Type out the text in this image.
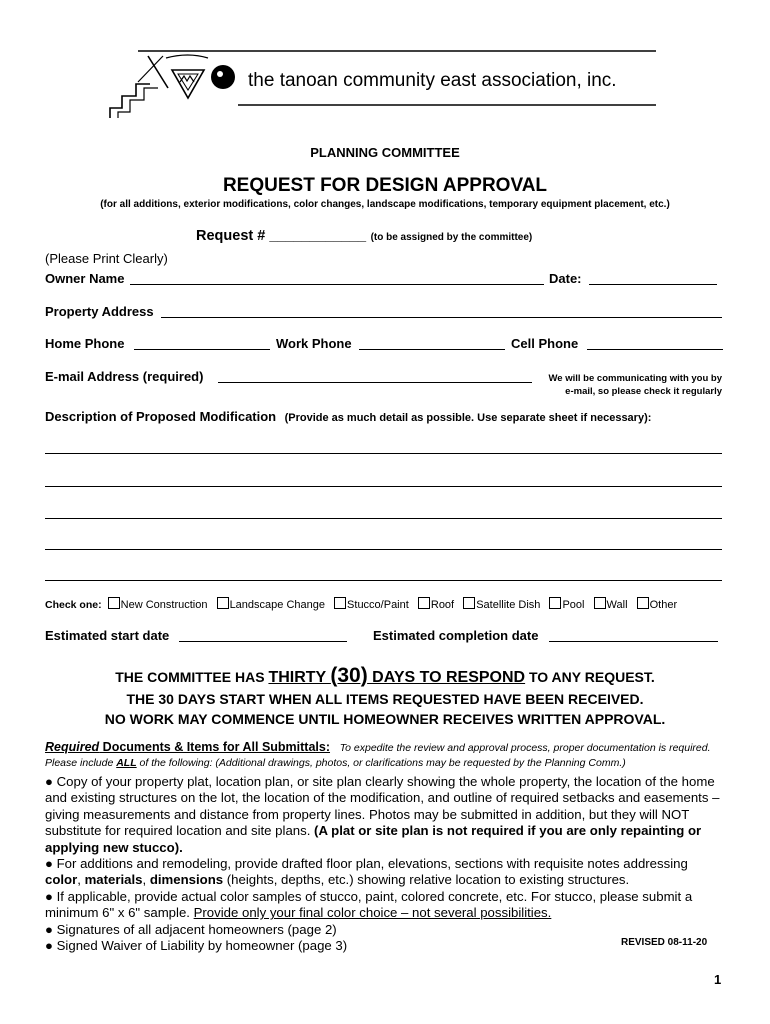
the tanoan community east association, inc.
PLANNING COMMITTEE
REQUEST FOR DESIGN APPROVAL
(for all additions, exterior modifications, color changes, landscape modifications, temporary equipment placement, etc.)
Request # ____________ (to be assigned by the committee)
(Please Print Clearly)
Owner Name	Date:
Property Address
Home Phone	Work Phone	Cell Phone
E-mail Address (required)	We will be communicating with you by
e-mail, so please check it regularly
Description of Proposed Modification (Provide as much detail as possible. Use separate sheet if necessary):
Check one: New Construction Landscape Change Stucco/Paint Roof Satellite Dish Pool Wall Other
Estimated start date	Estimated completion date
THE COMMITTEE HAS THIRTY (30) DAYS TO RESPOND TO ANY REQUEST.
THE 30 DAYS START WHEN ALL ITEMS REQUESTED HAVE BEEN RECEIVED.
NO WORK MAY COMMENCE UNTIL HOMEOWNER RECEIVES WRITTEN APPROVAL.

Required Documents & Items for All Submittals: To expedite the review and approval process, proper documentation is required. Please include ALL of the following: (Additional drawings, photos, or clarifications may be requested by the Planning Comm.)

● Copy of your property plat, location plan, or site plan clearly showing the whole property, the location of the home and existing structures on the lot, the location of the modification, and outline of required setbacks and easements – giving measurements and distance from property lines. Photos may be submitted in addition, but they will NOT substitute for required location and site plans. (A plat or site plan is not required if you are only repainting or applying new stucco).

● For additions and remodeling, provide drafted floor plan, elevations, sections with requisite notes addressing color, materials, dimensions (heights, depths, etc.) showing relative location to existing structures.

● If applicable, provide actual color samples of stucco, paint, colored concrete, etc. For stucco, please submit a minimum 6" x 6" sample. Provide only your final color choice – not several possibilities.

● Signatures of all adjacent homeowners (page 2)

● Signed Waiver of Liability by homeowner (page 3)	REVISED 08-11-20
1
